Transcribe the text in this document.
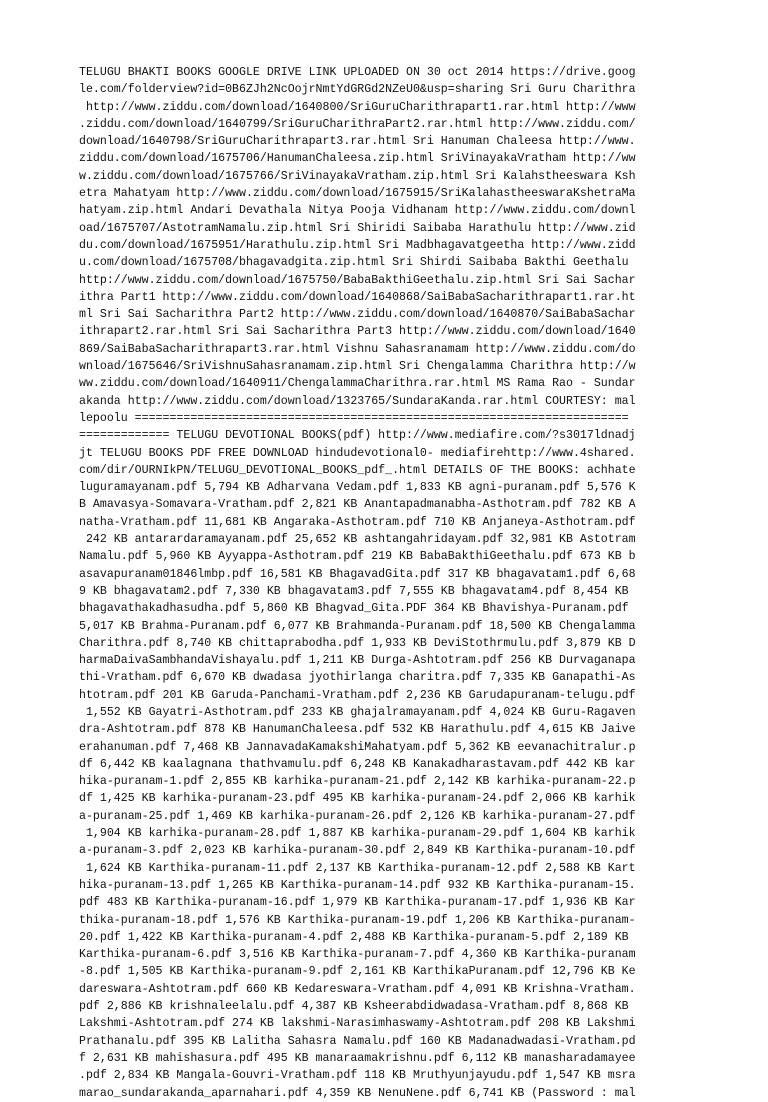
TELUGU BHAKTI BOOKS GOOGLE DRIVE LINK UPLOADED ON 30 oct 2014 https://drive.goog
le.com/folderview?id=0B6ZJh2NcOojrNmtYdGRGd2NZeU0&usp=sharing Sri Guru Charithra
http://www.ziddu.com/download/1640800/SriGuruCharithrapart1.rar.html http://www
.ziddu.com/download/1640799/SriGuruCharithraPart2.rar.html http://www.ziddu.com/
download/1640798/SriGuruCharithrapart3.rar.html Sri Hanuman Chaleesa http://www.
ziddu.com/download/1675706/HanumanChaleesa.zip.html SriVinayakaVratham http://ww
w.ziddu.com/download/1675766/SriVinayakaVratham.zip.html Sri Kalahstheeswara Ksh
etra Mahatyam http://www.ziddu.com/download/1675915/SriKalahastheeswaraKshetraMa
hatyam.zip.html Andari Devathala Nitya Pooja Vidhanam http://www.ziddu.com/downl
oad/1675707/AstotramNamalu.zip.html Sri Shiridi Saibaba Harathulu http://www.zid
du.com/download/1675951/Harathulu.zip.html Sri Madbhagavatgeetha http://www.zidd
u.com/download/1675708/bhagavadgita.zip.html Sri Shirdi Saibaba Bakthi Geethalu
http://www.ziddu.com/download/1675750/BabaBakthiGeethalu.zip.html Sri Sai Sachar
ithra Part1 http://www.ziddu.com/download/1640868/SaiBabaSacharithrapart1.rar.ht
ml Sri Sai Sacharithra Part2 http://www.ziddu.com/download/1640870/SaiBabaSachar
ithrapart2.rar.html Sri Sai Sacharithra Part3 http://www.ziddu.com/download/1640
869/SaiBabaSacharithrapart3.rar.html Vishnu Sahasranamam http://www.ziddu.com/do
wnload/1675646/SriVishnuSahasranamam.zip.html Sri Chengalamma Charithra http://w
ww.ziddu.com/download/1640911/ChengalammaCharithra.rar.html MS Rama Rao - Sundar
akanda http://www.ziddu.com/download/1323765/SundaraKanda.rar.html COURTESY: mal
lepoolu =======================================================================
============= TELUGU DEVOTIONAL BOOKS(pdf) http://www.mediafire.com/?s3017ldnadj
jt TELUGU BOOKS PDF FREE DOWNLOAD hindudevotional0- mediafirehttp://www.4shared.
com/dir/OURNIkPN/TELUGU_DEVOTIONAL_BOOKS_pdf_.html DETAILS OF THE BOOKS: achhate
luguramayanam.pdf 5,794 KB Adharvana Vedam.pdf 1,833 KB agni-puranam.pdf 5,576 K
B Amavasya-Somavara-Vratham.pdf 2,821 KB Anantapadmanabha-Asthotram.pdf 782 KB A
natha-Vratham.pdf 11,681 KB Angaraka-Asthotram.pdf 710 KB Anjaneya-Asthotram.pdf
242 KB antarardaramayanam.pdf 25,652 KB ashtangahridayam.pdf 32,981 KB Astotram
Namalu.pdf 5,960 KB Ayyappa-Asthotram.pdf 219 KB BabaBakthiGeethalu.pdf 673 KB b
asavapuranam01846lmbp.pdf 16,581 KB BhagavadGita.pdf 317 KB bhagavatam1.pdf 6,68
9 KB bhagavatam2.pdf 7,330 KB bhagavatam3.pdf 7,555 KB bhagavatam4.pdf 8,454 KB
bhagavathakadhasudha.pdf 5,860 KB Bhagvad_Gita.PDF 364 KB Bhavishya-Puranam.pdf
5,017 KB Brahma-Puranam.pdf 6,077 KB Brahmanda-Puranam.pdf 18,500 KB Chengalamma
Charithra.pdf 8,740 KB chittaprabodha.pdf 1,933 KB DeviStothrmulu.pdf 3,879 KB D
harmaDaivaSambhandaVishayalu.pdf 1,211 KB Durga-Ashtotram.pdf 256 KB Durvaganapa
thi-Vratham.pdf 6,670 KB dwadasa jyothirlanga charitra.pdf 7,335 KB Ganapathi-As
htotram.pdf 201 KB Garuda-Panchami-Vratham.pdf 2,236 KB Garudapuranam-telugu.pdf
1,552 KB Gayatri-Asthotram.pdf 233 KB ghajalramayanam.pdf 4,024 KB Guru-Ragaven
dra-Ashtotram.pdf 878 KB HanumanChaleesa.pdf 532 KB Harathulu.pdf 4,615 KB Jaive
erahanuman.pdf 7,468 KB JannavadaKamakshiMahatyam.pdf 5,362 KB eevanachitralur.p
df 6,442 KB kaalagnana thathvamulu.pdf 6,248 KB Kanakadharastavam.pdf 442 KB kar
hika-puranam-1.pdf 2,855 KB karhika-puranam-21.pdf 2,142 KB karhika-puranam-22.p
df 1,425 KB karhika-puranam-23.pdf 495 KB karhika-puranam-24.pdf 2,066 KB karhik
a-puranam-25.pdf 1,469 KB karhika-puranam-26.pdf 2,126 KB karhika-puranam-27.pdf
1,904 KB karhika-puranam-28.pdf 1,887 KB karhika-puranam-29.pdf 1,604 KB karhik
a-puranam-3.pdf 2,023 KB karhika-puranam-30.pdf 2,849 KB Karthika-puranam-10.pdf
1,624 KB Karthika-puranam-11.pdf 2,137 KB Karthika-puranam-12.pdf 2,588 KB Kart
hika-puranam-13.pdf 1,265 KB Karthika-puranam-14.pdf 932 KB Karthika-puranam-15.
pdf 483 KB Karthika-puranam-16.pdf 1,979 KB Karthika-puranam-17.pdf 1,936 KB Kar
thika-puranam-18.pdf 1,576 KB Karthika-puranam-19.pdf 1,206 KB Karthika-puranam-
20.pdf 1,422 KB Karthika-puranam-4.pdf 2,488 KB Karthika-puranam-5.pdf 2,189 KB
Karthika-puranam-6.pdf 3,516 KB Karthika-puranam-7.pdf 4,360 KB Karthika-puranam
-8.pdf 1,505 KB Karthika-puranam-9.pdf 2,161 KB KarthikaPuranam.pdf 12,796 KB Ke
dareswara-Ashtotram.pdf 660 KB Kedareswara-Vratham.pdf 4,091 KB Krishna-Vratham.
pdf 2,886 KB krishnaleelalu.pdf 4,387 KB Ksheerabdidwadasa-Vratham.pdf 8,868 KB
Lakshmi-Ashtotram.pdf 274 KB lakshmi-Narasimhaswamy-Ashtotram.pdf 208 KB Lakshmi
Prathanalu.pdf 395 KB Lalitha Sahasra Namalu.pdf 160 KB Madanadwadasi-Vratham.pd
f 2,631 KB mahishasura.pdf 495 KB manaraamakrishnu.pdf 6,112 KB manasharadamayee
.pdf 2,834 KB Mangala-Gouvri-Vratham.pdf 118 KB Mruthyunjayudu.pdf 1,547 KB msra
marao_sundarakanda_aparnahari.pdf 4,359 KB NenuNene.pdf 6,741 KB (Password : mal
